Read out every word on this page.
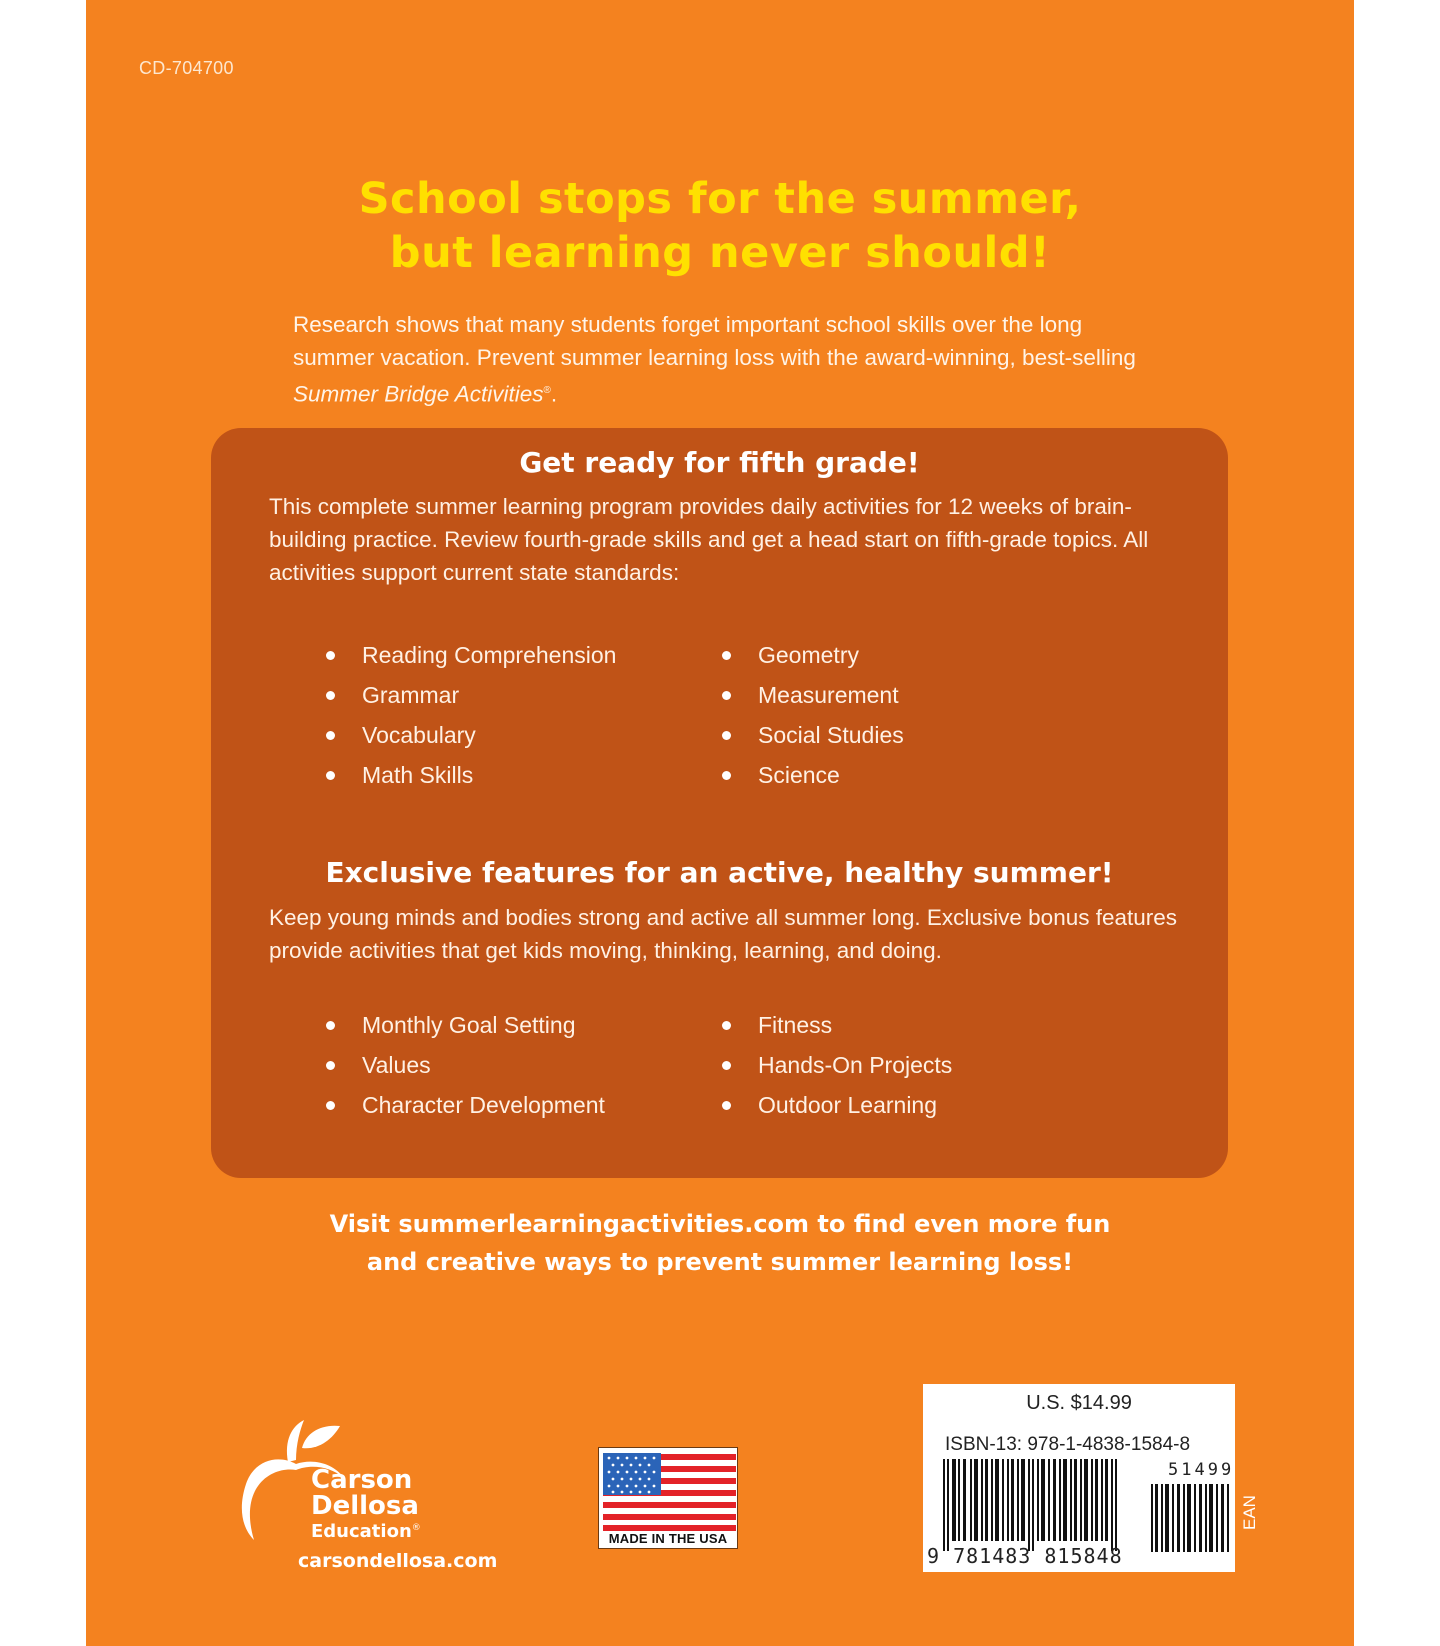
CD-704700
School stops for the summer,
but learning never should!
Research shows that many students forget important school skills over the long summer vacation. Prevent summer learning loss with the award-winning, best-selling Summer Bridge Activities®.
Get ready for fifth grade!

This complete summer learning program provides daily activities for 12 weeks of brain-building practice. Review fourth-grade skills and get a head start on fifth-grade topics. All activities support current state standards:

Reading Comprehension
Grammar
Vocabulary
Math Skills
Geometry
Measurement
Social Studies
Science
Exclusive features for an active, healthy summer!

Keep young minds and bodies strong and active all summer long. Exclusive bonus features provide activities that get kids moving, thinking, learning, and doing.

Monthly Goal Setting
Values
Character Development
Fitness
Hands-On Projects
Outdoor Learning
Visit summerlearningactivities.com to find even more fun
and creative ways to prevent summer learning loss!
Carson
Dellosa
Education®
carsondellosa.com
MADE IN THE USA
U.S. $14.99
ISBN-13: 978-1-4838-1584-8
51499
9 781483 815848
EAN
